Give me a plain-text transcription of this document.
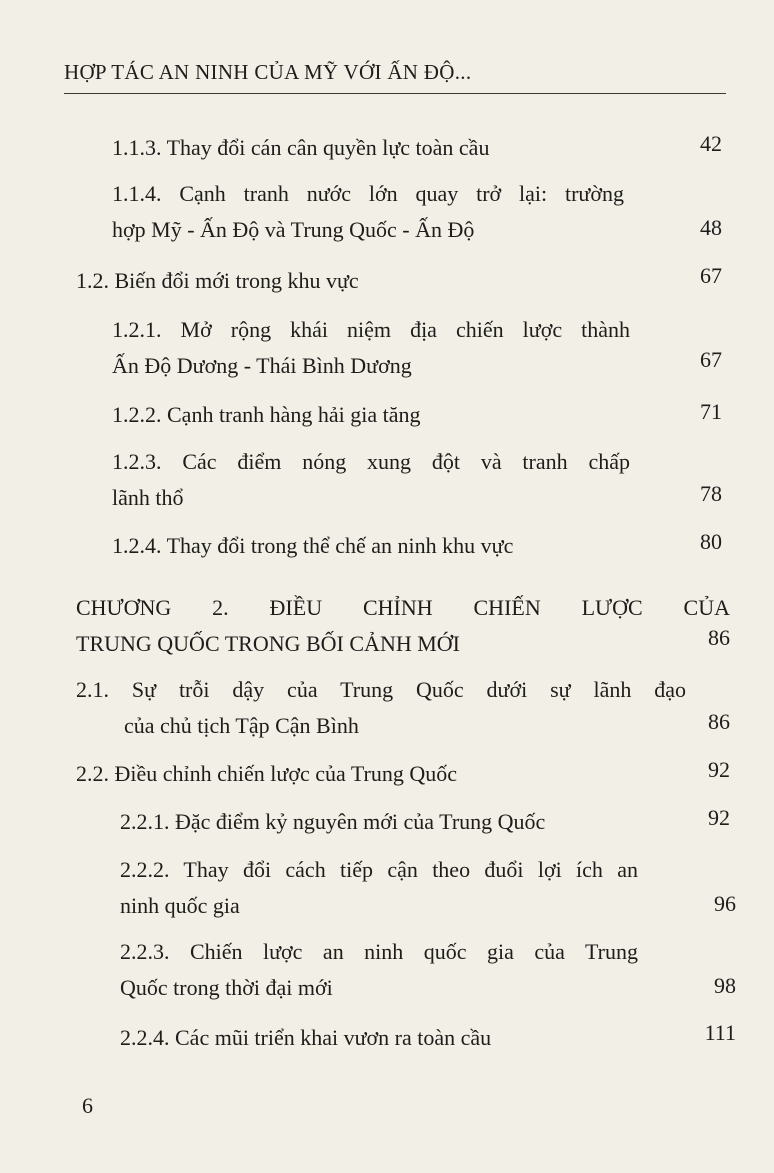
HỢP TÁC AN NINH CỦA MỸ VỚI ẤN ĐỘ...
1.1.3. Thay đổi cán cân quyền lực toàn cầu	42
1.1.4. Cạnh tranh nước lớn quay trở lại: trường
hợp Mỹ - Ấn Độ và Trung Quốc - Ấn Độ	48
1.2. Biến đổi mới trong khu vực	67
1.2.1. Mở rộng khái niệm địa chiến lược thành
Ấn Độ Dương - Thái Bình Dương	67
1.2.2. Cạnh tranh hàng hải gia tăng	71
1.2.3. Các điểm nóng xung đột và tranh chấp
lãnh thổ	78
1.2.4. Thay đổi trong thể chế an ninh khu vực	80
CHƯƠNG 2. ĐIỀU CHỈNH CHIẾN LƯỢC CỦA
TRUNG QUỐC TRONG BỐI CẢNH MỚI	86
2.1. Sự trỗi dậy của Trung Quốc dưới sự lãnh đạo
của chủ tịch Tập Cận Bình	86
2.2. Điều chỉnh chiến lược của Trung Quốc	92
2.2.1. Đặc điểm kỷ nguyên mới của Trung Quốc	92
2.2.2. Thay đổi cách tiếp cận theo đuổi lợi ích an
ninh quốc gia	96
2.2.3. Chiến lược an ninh quốc gia của Trung
Quốc trong thời đại mới	98
2.2.4. Các mũi triển khai vươn ra toàn cầu	111
6
